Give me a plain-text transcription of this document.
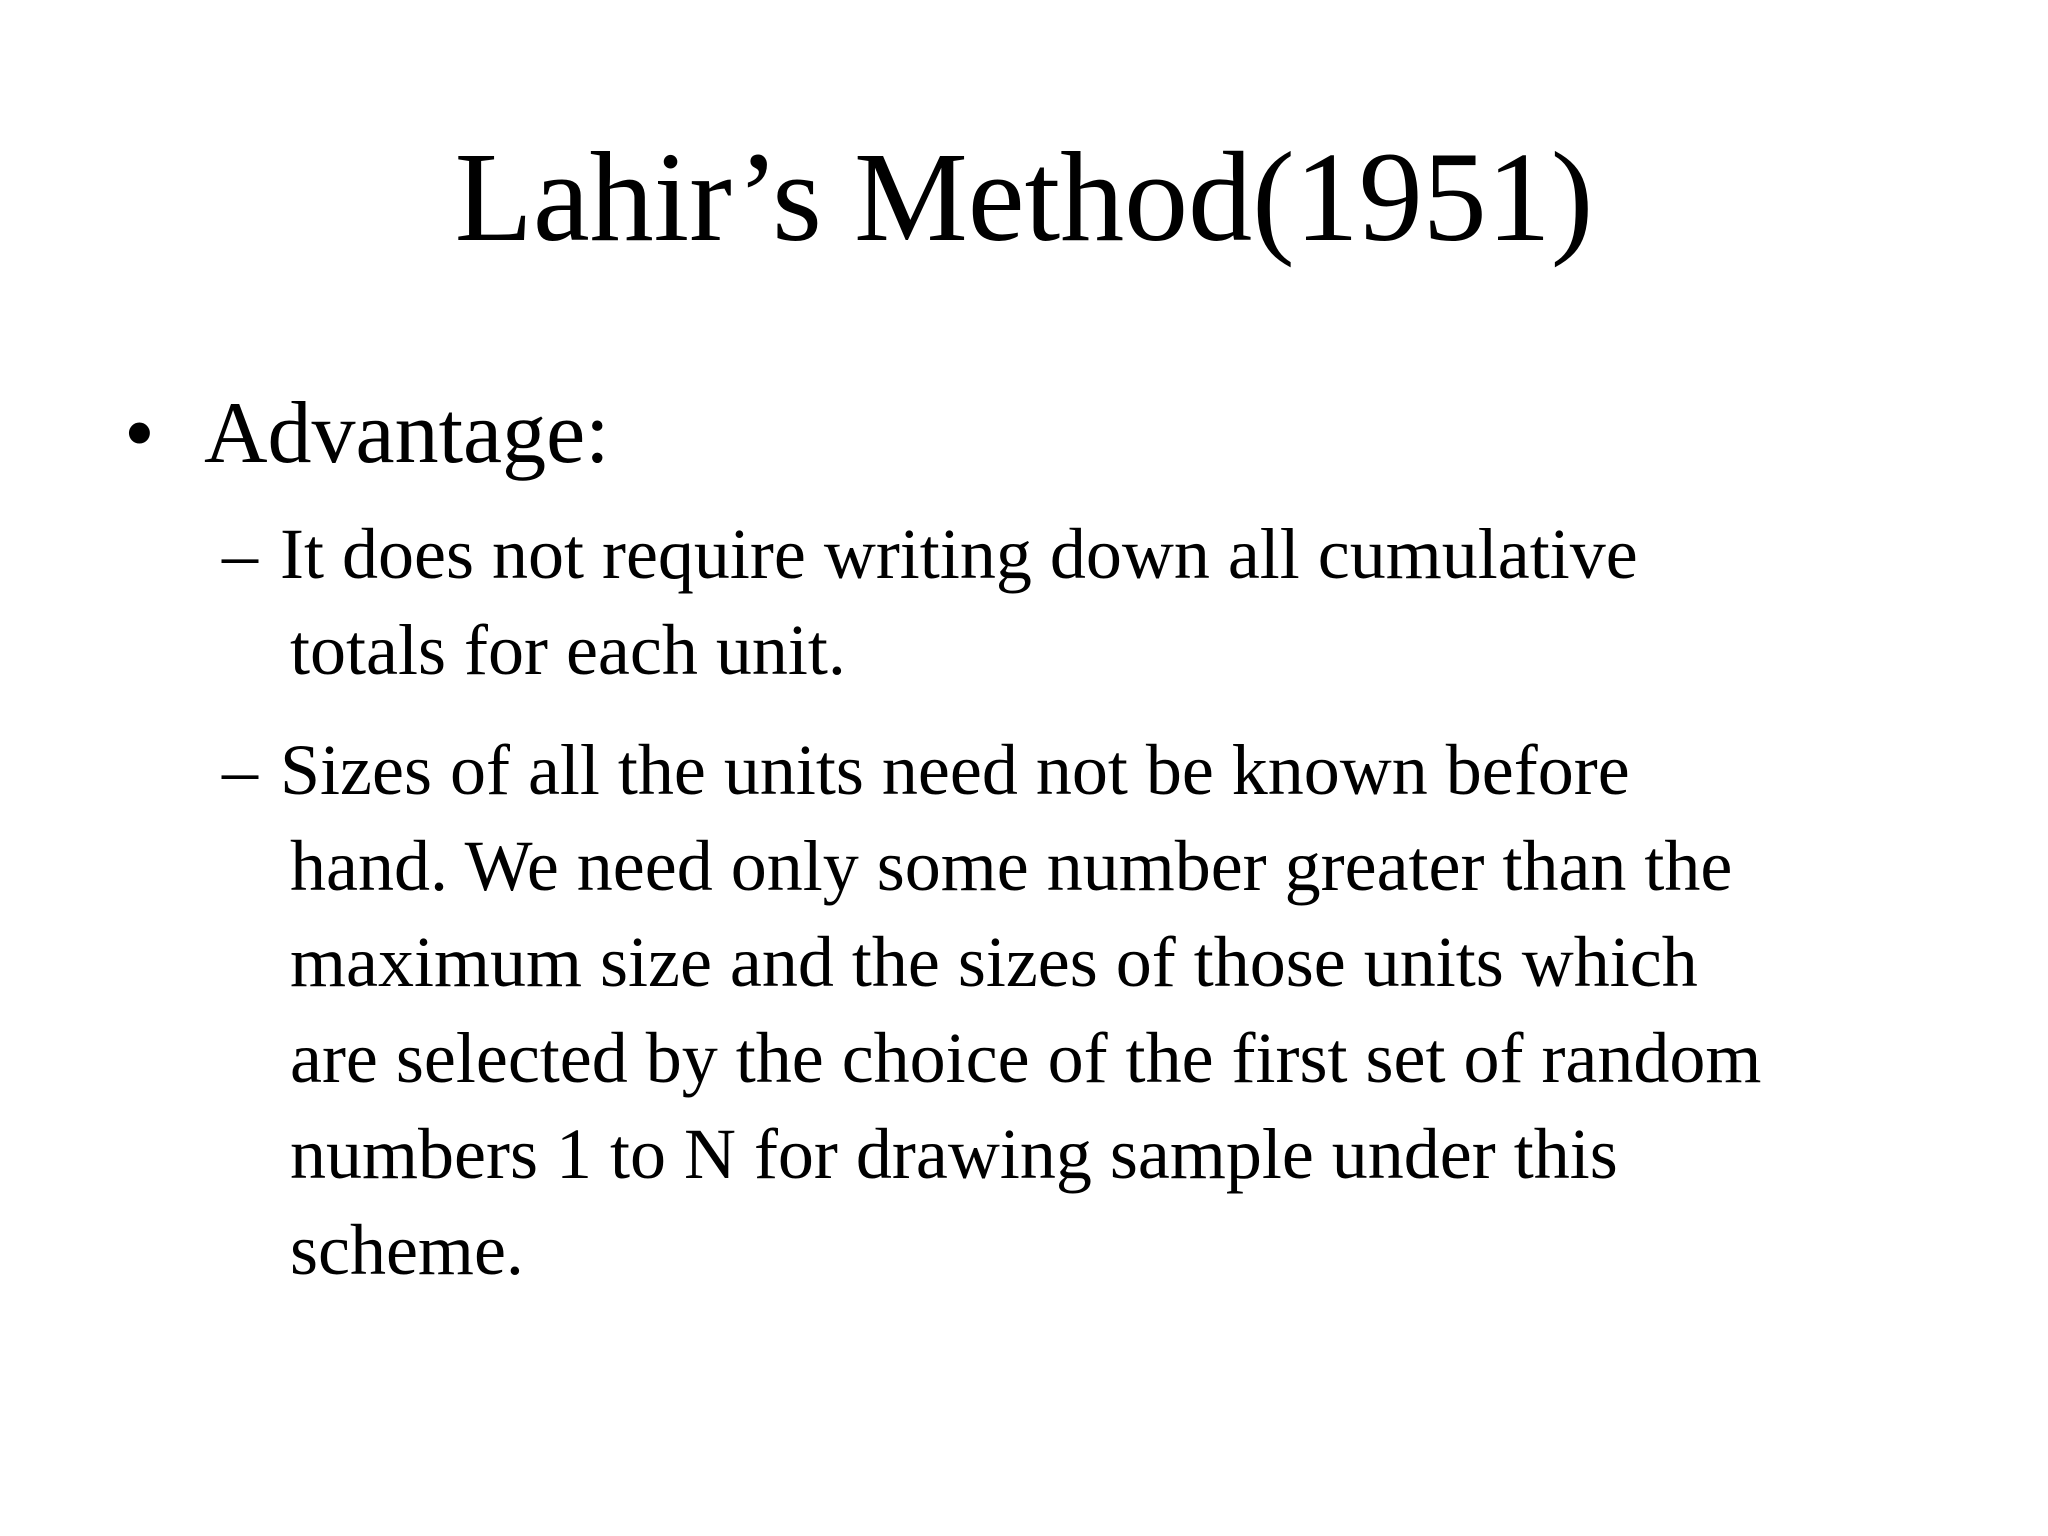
Lahir’s Method(1951)
• Advantage:
– It does not require writing down all cumulative
totals for each unit.
– Sizes of all the units need not be known before
hand. We need only some number greater than the
maximum size and the sizes of those units which
are selected by the choice of the first set of random
numbers 1 to N for drawing sample under this
scheme.
